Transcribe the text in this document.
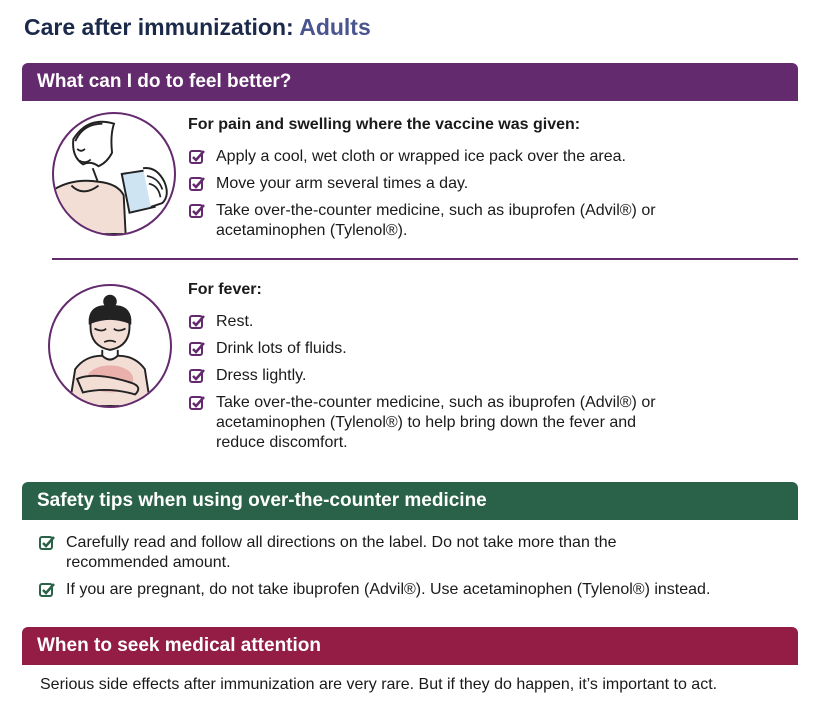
Care after immunization: Adults
What can I do to feel better?
For pain and swelling where the vaccine was given:
Apply a cool, wet cloth or wrapped ice pack over the area.
Move your arm several times a day.
Take over-the-counter medicine, such as ibuprofen (Advil®) or
acetaminophen (Tylenol®).
For fever:
Rest.
Drink lots of fluids.
Dress lightly.
Take over-the-counter medicine, such as ibuprofen (Advil®) or
acetaminophen (Tylenol®) to help bring down the fever and
reduce discomfort.
Safety tips when using over-the-counter medicine
Carefully read and follow all directions on the label. Do not take more than the
recommended amount.
If you are pregnant, do not take ibuprofen (Advil®). Use acetaminophen (Tylenol®) instead.
When to seek medical attention
Serious side effects after immunization are very rare. But if they do happen, it’s important to act.
